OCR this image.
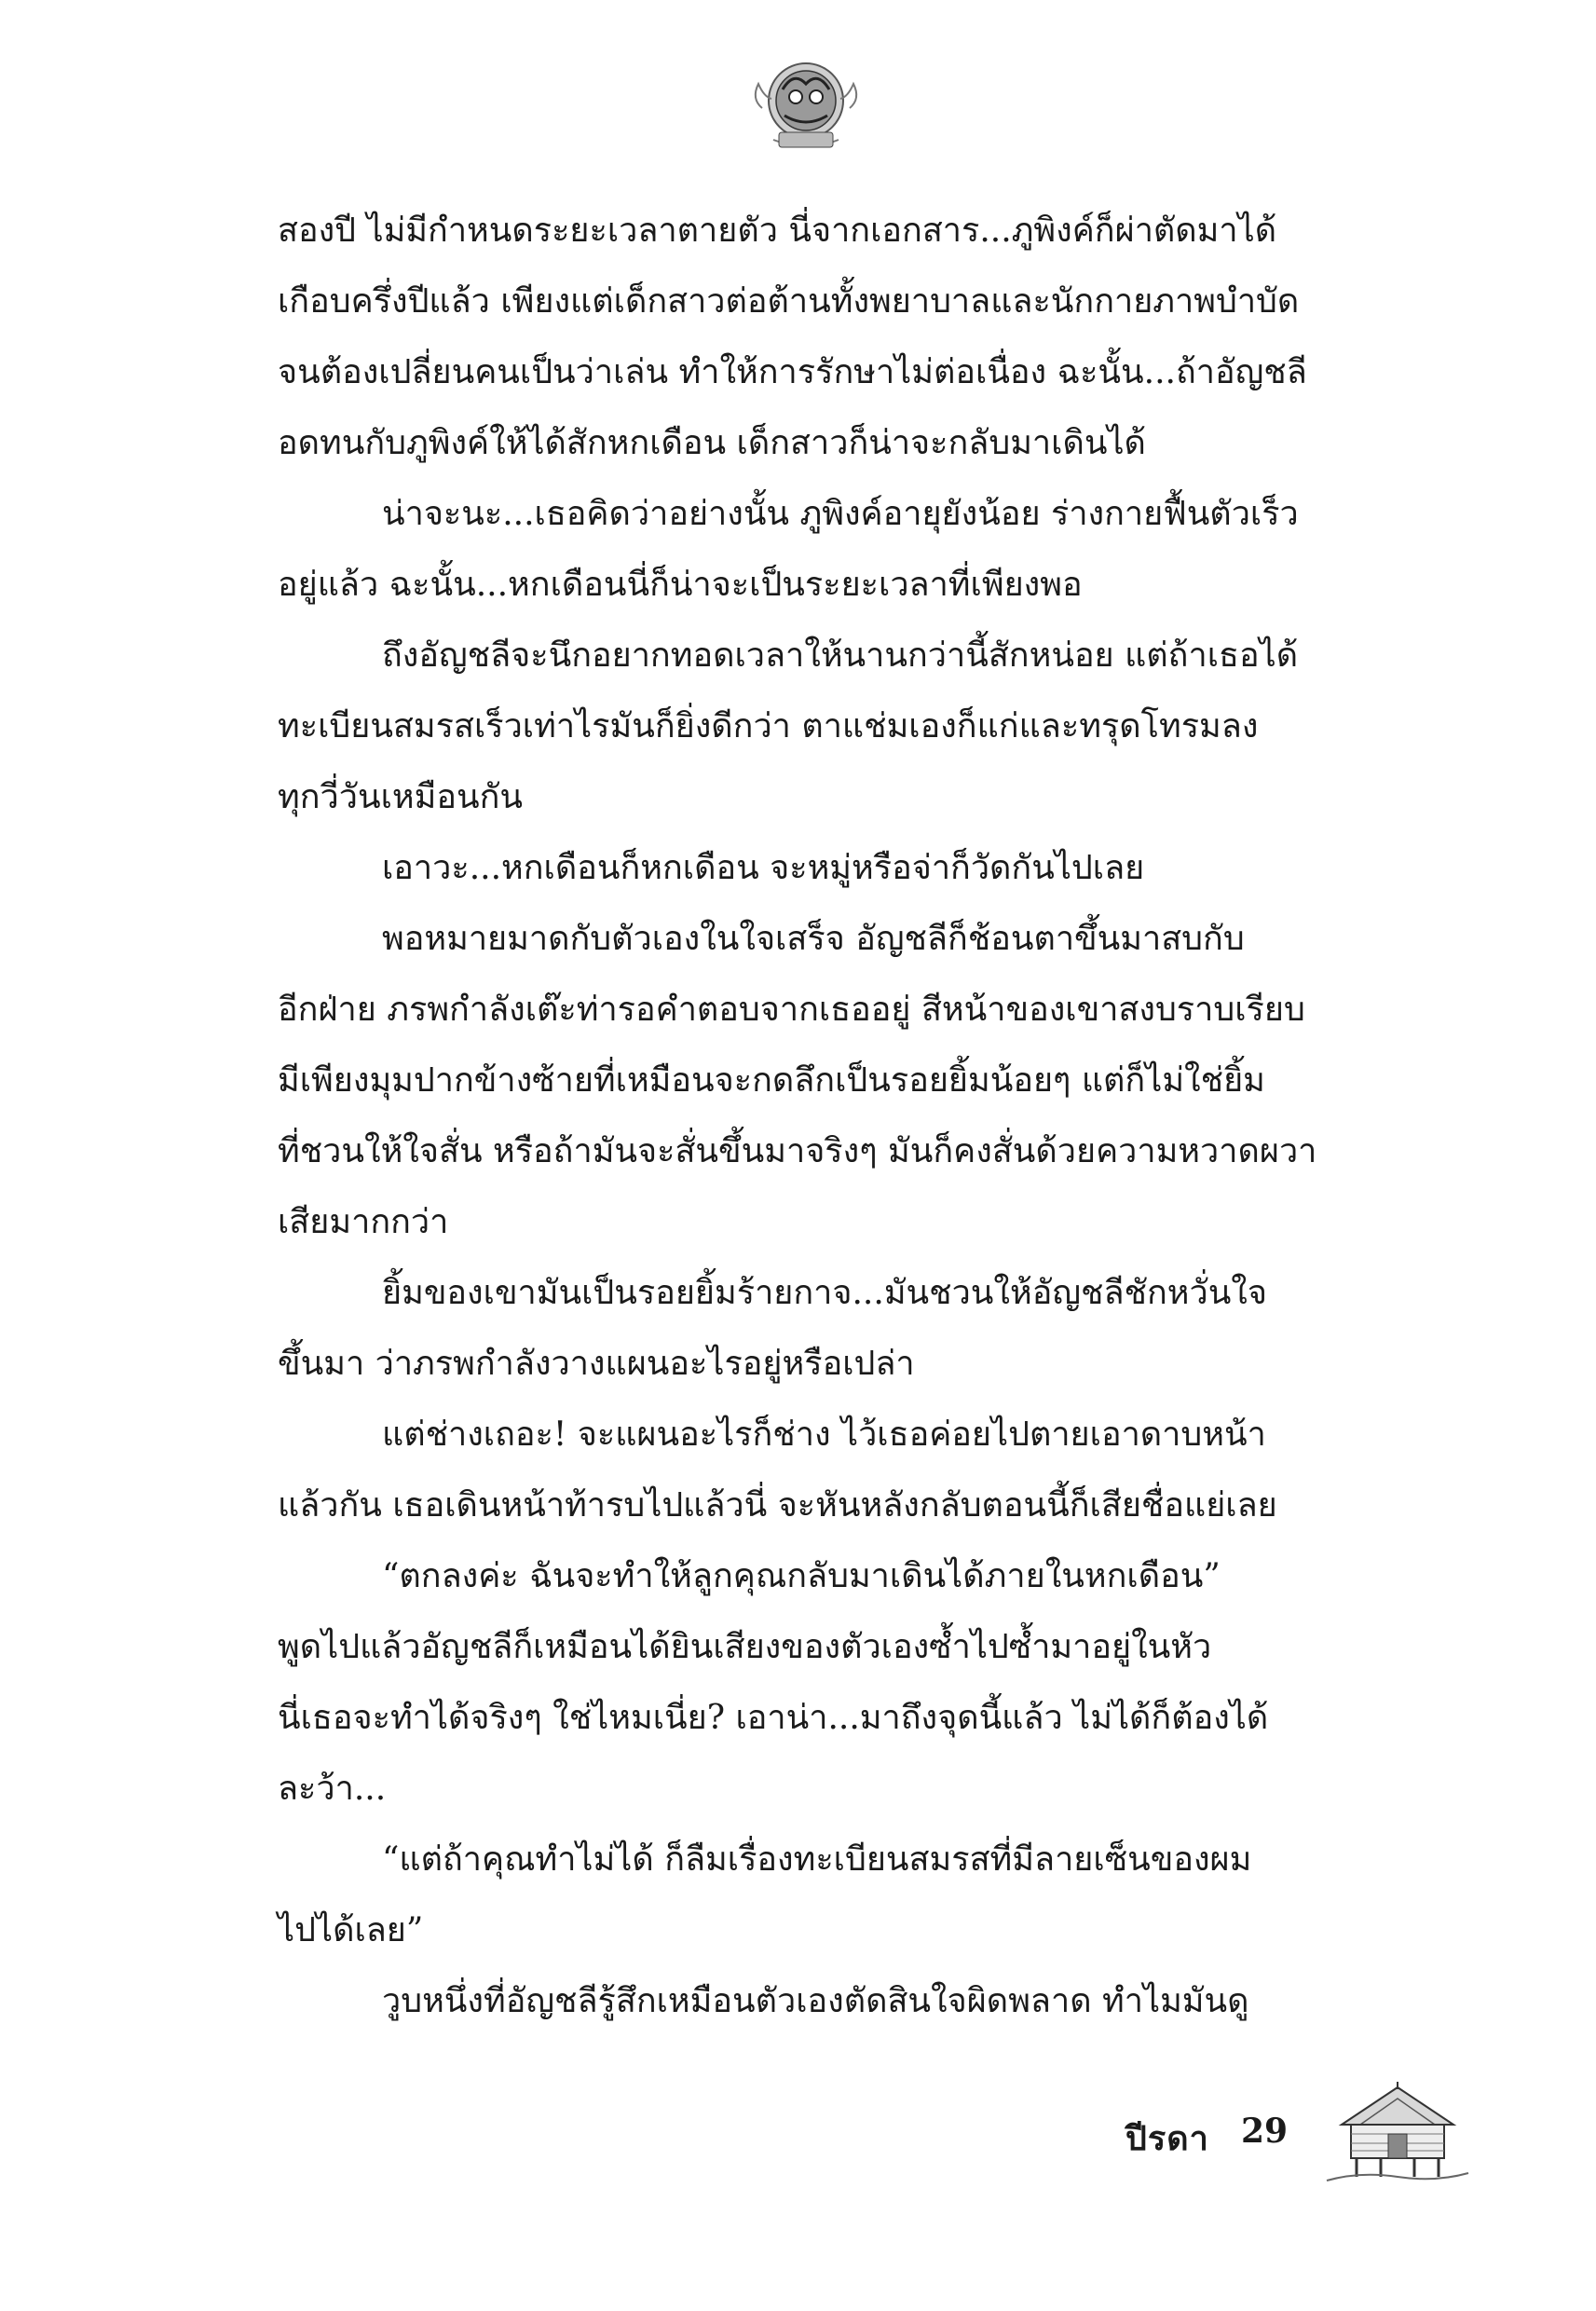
สองปี ไม่มีกำหนดระยะเวลาตายตัว นี่จากเอกสาร...ภูพิงค์ก็ผ่าตัดมาได้
เกือบครึ่งปีแล้ว เพียงแต่เด็กสาวต่อต้านทั้งพยาบาลและนักกายภาพบำบัด
จนต้องเปลี่ยนคนเป็นว่าเล่น ทำให้การรักษาไม่ต่อเนื่อง ฉะนั้น...ถ้าอัญชลี
อดทนกับภูพิงค์ให้ได้สักหกเดือน เด็กสาวก็น่าจะกลับมาเดินได้
น่าจะนะ...เธอคิดว่าอย่างนั้น ภูพิงค์อายุยังน้อย ร่างกายฟื้นตัวเร็ว
อยู่แล้ว ฉะนั้น...หกเดือนนี่ก็น่าจะเป็นระยะเวลาที่เพียงพอ
ถึงอัญชลีจะนึกอยากทอดเวลาให้นานกว่านี้สักหน่อย แต่ถ้าเธอได้
ทะเบียนสมรสเร็วเท่าไรมันก็ยิ่งดีกว่า ตาแช่มเองก็แก่และทรุดโทรมลง
ทุกวี่วันเหมือนกัน
เอาวะ...หกเดือนก็หกเดือน จะหมู่หรือจ่าก็วัดกันไปเลย
พอหมายมาดกับตัวเองในใจเสร็จ อัญชลีก็ช้อนตาขึ้นมาสบกับ
อีกฝ่าย ภรพกำลังเต๊ะท่ารอคำตอบจากเธออยู่ สีหน้าของเขาสงบราบเรียบ
มีเพียงมุมปากข้างซ้ายที่เหมือนจะกดลึกเป็นรอยยิ้มน้อยๆ แต่ก็ไม่ใช่ยิ้ม
ที่ชวนให้ใจสั่น หรือถ้ามันจะสั่นขึ้นมาจริงๆ มันก็คงสั่นด้วยความหวาดผวา
เสียมากกว่า
ยิ้มของเขามันเป็นรอยยิ้มร้ายกาจ...มันชวนให้อัญชลีชักหวั่นใจ
ขึ้นมา ว่าภรพกำลังวางแผนอะไรอยู่หรือเปล่า
แต่ช่างเถอะ! จะแผนอะไรก็ช่าง ไว้เธอค่อยไปตายเอาดาบหน้า
แล้วกัน เธอเดินหน้าท้ารบไปแล้วนี่ จะหันหลังกลับตอนนี้ก็เสียชื่อแย่เลย
“ตกลงค่ะ ฉันจะทำให้ลูกคุณกลับมาเดินได้ภายในหกเดือน”
พูดไปแล้วอัญชลีก็เหมือนได้ยินเสียงของตัวเองซ้ำไปซ้ำมาอยู่ในหัว
นี่เธอจะทำได้จริงๆ ใช่ไหมเนี่ย? เอาน่า...มาถึงจุดนี้แล้ว ไม่ได้ก็ต้องได้
ละว้า...
“แต่ถ้าคุณทำไม่ได้ ก็ลืมเรื่องทะเบียนสมรสที่มีลายเซ็นของผม
ไปได้เลย”
วูบหนึ่งที่อัญชลีรู้สึกเหมือนตัวเองตัดสินใจผิดพลาด ทำไมมันดู
ปีรดา 29
